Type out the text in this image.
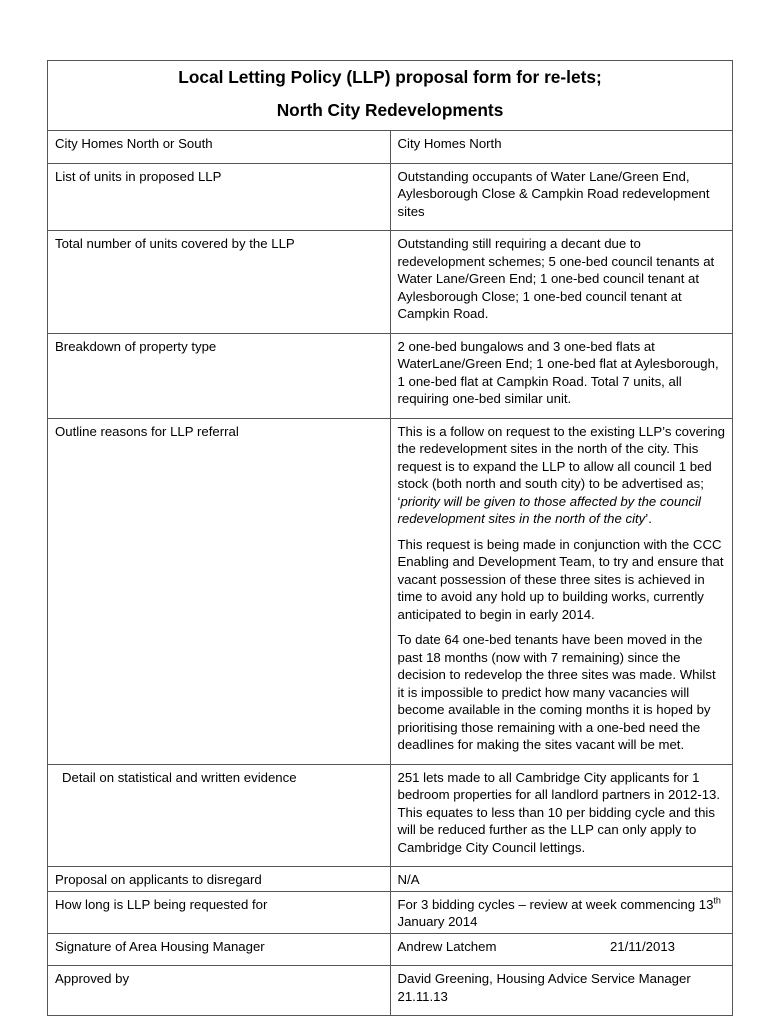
Local Letting Policy (LLP) proposal form for re-lets;
North City Redevelopments	

City Homes North or South	City Homes North
List of units in proposed LLP	Outstanding occupants of Water Lane/Green End, Aylesborough Close & Campkin Road redevelopment sites
Total number of units covered by the LLP	Outstanding still requiring a decant due to redevelopment schemes; 5 one-bed council tenants at Water Lane/Green End; 1 one-bed council tenant at Aylesborough Close; 1 one-bed council tenant at Campkin Road.
Breakdown of property type	2 one-bed bungalows and 3 one-bed flats at WaterLane/Green End; 1 one-bed flat at Aylesborough, 1 one-bed flat at Campkin Road. Total 7 units, all requiring one-bed similar unit.
Outline reasons for LLP referral	This is a follow on request to the existing LLP’s covering the redevelopment sites in the north of the city. This request is to expand the LLP to allow all council 1 bed stock (both north and south city) to be advertised as; ‘priority will be given to those affected by the council redevelopment sites in the north of the city’.
This request is being made in conjunction with the CCC Enabling and Development Team, to try and ensure that vacant possession of these three sites is achieved in time to avoid any hold up to building works, currently anticipated to begin in early 2014.
To date 64 one-bed tenants have been moved in the past 18 months (now with 7 remaining) since the decision to redevelop the three sites was made. Whilst it is impossible to predict how many vacancies will become available in the coming months it is hoped by prioritising those remaining with a one-bed need the deadlines for making the sites vacant will be met.

Detail on statistical and written evidence	251 lets made to all Cambridge City applicants for 1 bedroom properties for all landlord partners in 2012-13. This equates to less than 10 per bidding cycle and this will be reduced further as the LLP can only apply to Cambridge City Council lettings.
Proposal on applicants to disregard	N/A
How long is LLP being requested for	For 3 bidding cycles – review at week commencing 13th January 2014
Signature of Area Housing Manager	Andrew Latchem 21/11/2013

Approved by	David Greening, Housing Advice Service Manager 21.11.13
